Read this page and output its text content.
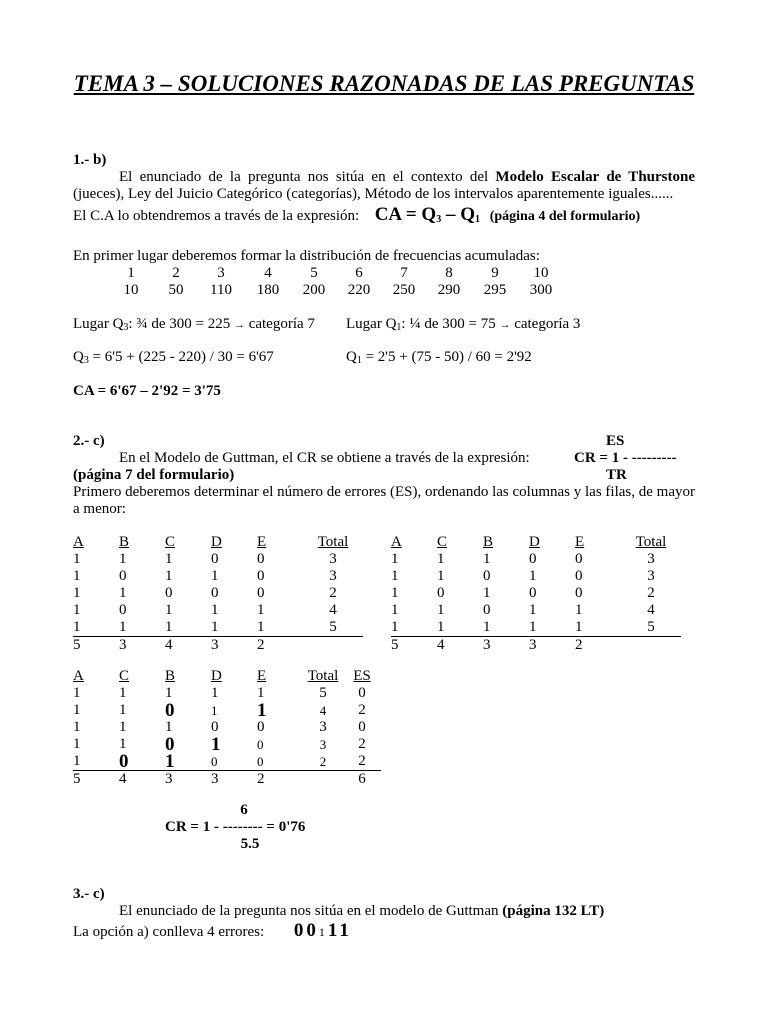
TEMA 3 – SOLUCIONES RAZONADAS DE LAS PREGUNTAS
1.- b)
El enunciado de la pregunta nos sitúa en el contexto del Modelo Escalar de Thurstone (jueces), Ley del Juicio Categórico (categorías), Método de los intervalos aparentemente iguales......
El C.A lo obtendremos a través de la expresión: CA = $Q_3 - Q_1$ (página 4 del formulario)
En primer lugar deberemos formar la distribución de frecuencias acumuladas:
1	2	3	4	5	6	7	8	9	10
10	50	110 180 200 220 250 290 295 300
Lugar $Q_3$: ¾ de 300 = 225 → categoría 7 Lugar $Q_1$: ¼ de 300 = 75 → categoría 3
$Q_3 = 6'5 + (225 - 220) / 30 = 6'67$	$Q_1 = 2'5 + (75 - 50) / 60 = 2'92$
CA = 6'67 – 2'92 = 3'75
2.- c)	ES
En el Modelo de Guttman, el CR se obtiene a través de la expresión:	CR = 1 - ---------
(página 7 del formulario)	TR
Primero deberemos determinar el número de errores (ES), ordenando las columnas y las filas, de mayor a menor:
A	B	C	D	E	Total
1	1	1	0	0	3
1	0	1	1	0	3
1	1	0	0	0	2
1	0	1	1	1	4
1	1	1	1	1	5
5	3	4	3	2	
A	C	B	D	E	Total
1	1	1	0	0	3
1	1	0	1	0	3
1	0	1	0	0	2
1	1	0	1	1	4
1	1	1	1	1	5
5	4	3	3	2	
A	C	B	D	E	Total	ES
1	1	1	1	1	5	0
1	1	0	1	1	4	2
1	1	1	0	0	3	0
1	1	0	1	0	3	2
1	0	1	0	0	2	2
5	4	3	3	2		6
6
CR = 1 - -------- = 0'76
5.5
3.- c)
El enunciado de la pregunta nos sitúa en el modelo de Guttman (página 132 LT)
La opción a) conlleva 4 errores: 00111
